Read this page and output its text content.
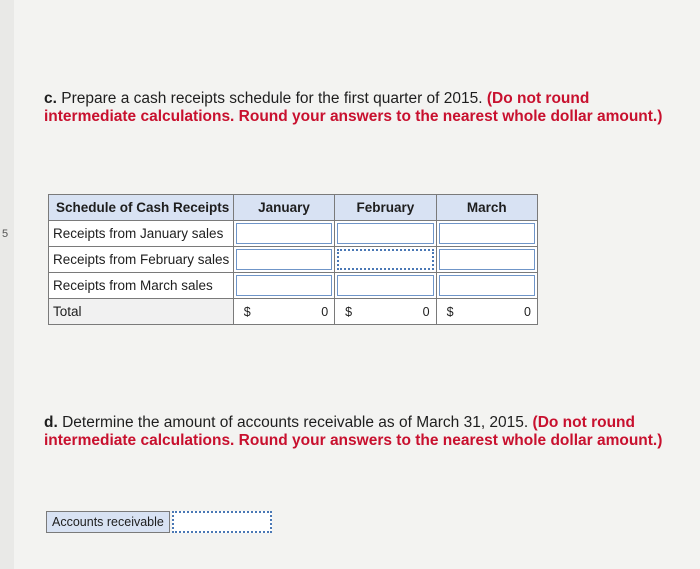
5
c. Prepare a cash receipts schedule for the first quarter of 2015. (Do not round intermediate calculations. Round your answers to the nearest whole dollar amount.)
Schedule of Cash Receipts	January	February	March
Receipts from January sales	

Receipts from February sales	

Receipts from March sales	

Total	$ 0	$ 0	$ 0
d. Determine the amount of accounts receivable as of March 31, 2015. (Do not round intermediate calculations. Round your answers to the nearest whole dollar amount.)
Accounts receivable
